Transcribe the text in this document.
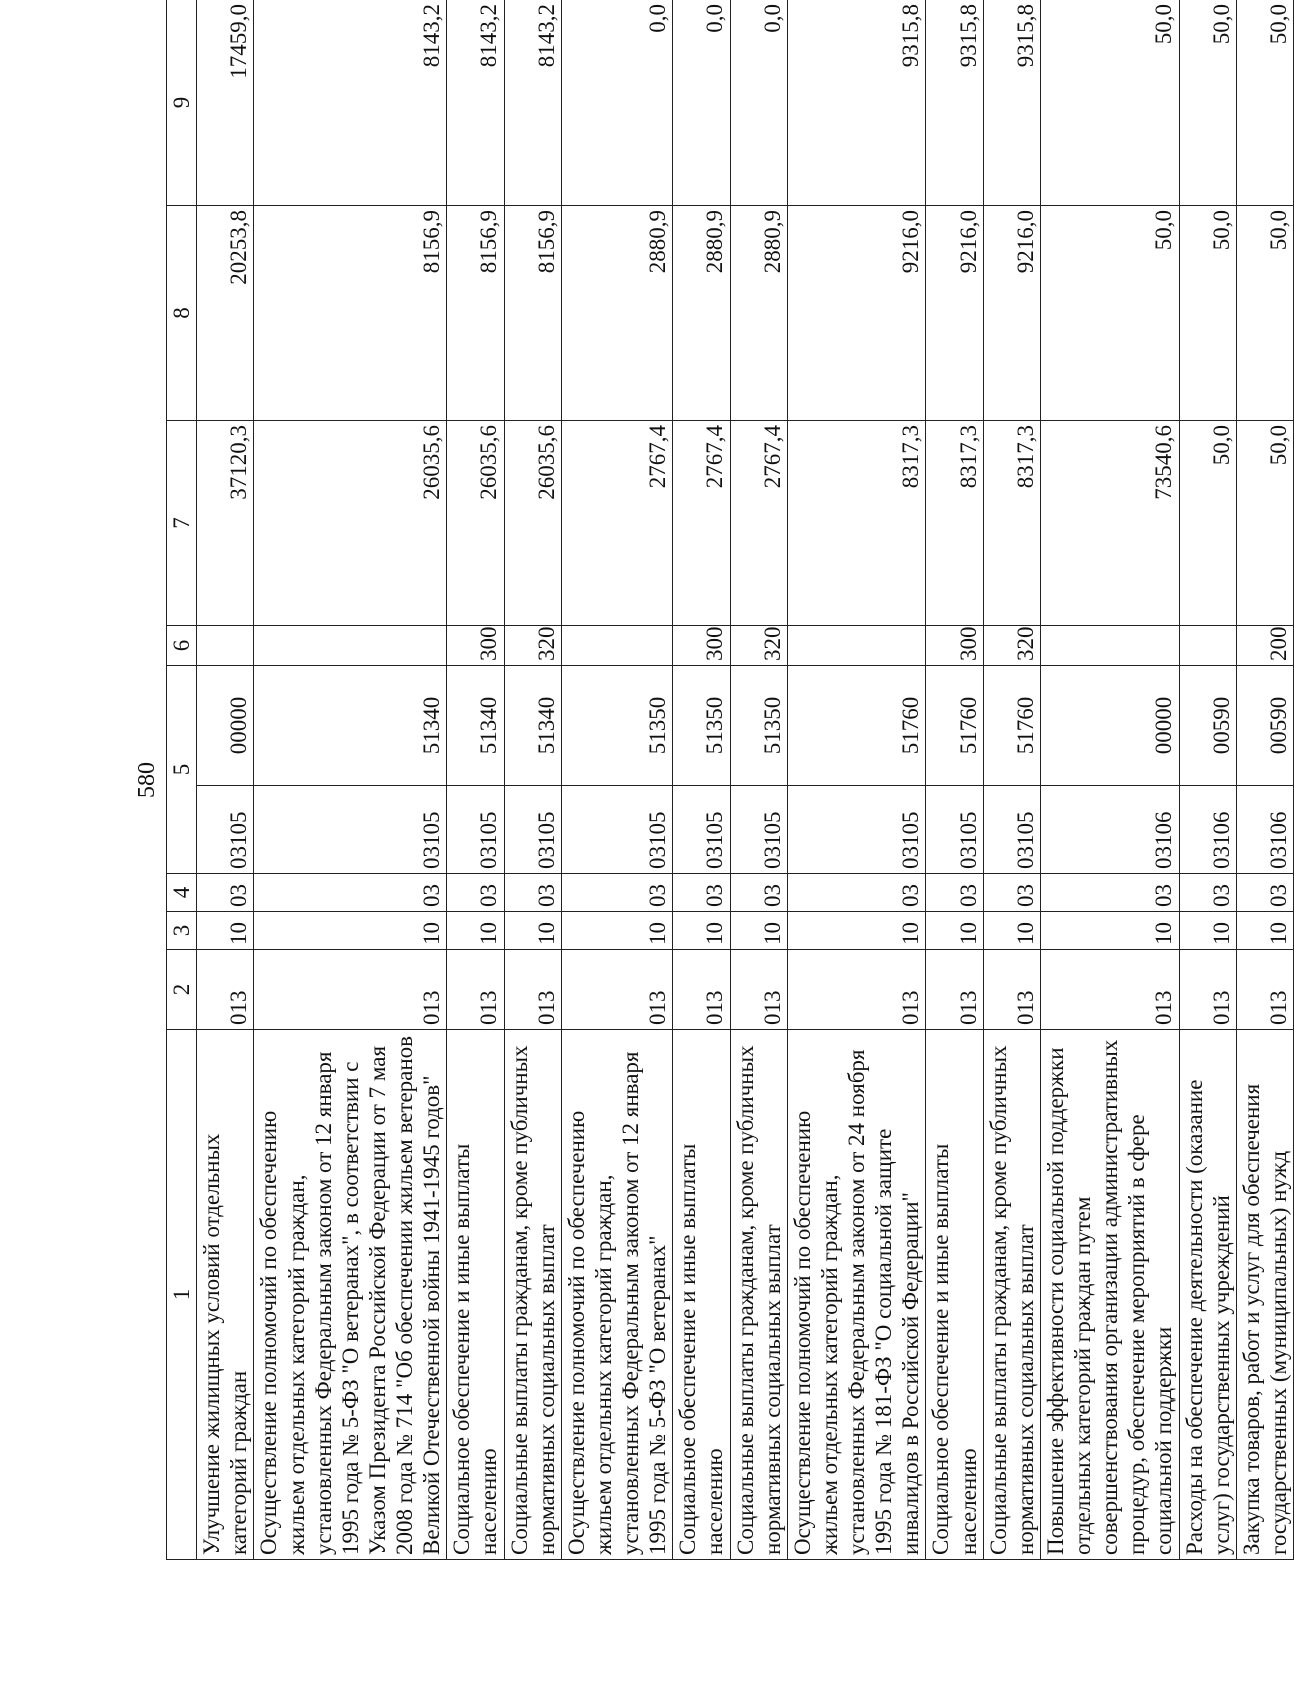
580
1	2	3	4	5		6	7	8	9
Улучшение жилищных условий отдельных категорий граждан	013	10	03	03105	00000		37120,3	20253,8	17459,0
Осуществление полномочий по обеспечению жильем отдельных категорий граждан, установленных Федеральным законом от 12 января 1995 года № 5-ФЗ "О ветеранах", в соответствии с Указом Президента Российской Федерации от 7 мая 2008 года № 714 "Об обеспечении жильем ветеранов Великой Отечественной войны 1941-1945 годов"	013	10	03	03105	51340		26035,6	8156,9	8143,2
Социальное обеспечение и иные выплаты населению	013	10	03	03105	51340	300	26035,6	8156,9	8143,2
Социальные выплаты гражданам, кроме публичных нормативных социальных выплат	013	10	03	03105	51340	320	26035,6	8156,9	8143,2
Осуществление полномочий по обеспечению жильем отдельных категорий граждан, установленных Федеральным законом от 12 января 1995 года № 5-ФЗ "О ветеранах"	013	10	03	03105	51350		2767,4	2880,9	0,0
Социальное обеспечение и иные выплаты населению	013	10	03	03105	51350	300	2767,4	2880,9	0,0
Социальные выплаты гражданам, кроме публичных нормативных социальных выплат	013	10	03	03105	51350	320	2767,4	2880,9	0,0
Осуществление полномочий по обеспечению жильем отдельных категорий граждан, установленных Федеральным законом от 24 ноября 1995 года № 181-ФЗ "О социальной защите инвалидов в Российской Федерации"	013	10	03	03105	51760		8317,3	9216,0	9315,8
Социальное обеспечение и иные выплаты населению	013	10	03	03105	51760	300	8317,3	9216,0	9315,8
Социальные выплаты гражданам, кроме публичных нормативных социальных выплат	013	10	03	03105	51760	320	8317,3	9216,0	9315,8
Повышение эффективности социальной поддержки отдельных категорий граждан путем совершенствования организации административных процедур, обеспечение мероприятий в сфере социальной поддержки	013	10	03	03106	00000		73540,6	50,0	50,0
Расходы на обеспечение деятельности (оказание услуг) государственных учреждений	013	10	03	03106	00590		50,0	50,0	50,0
Закупка товаров, работ и услуг для обеспечения государственных (муниципальных) нужд	013	10	03	03106	00590	200	50,0	50,0	50,0
